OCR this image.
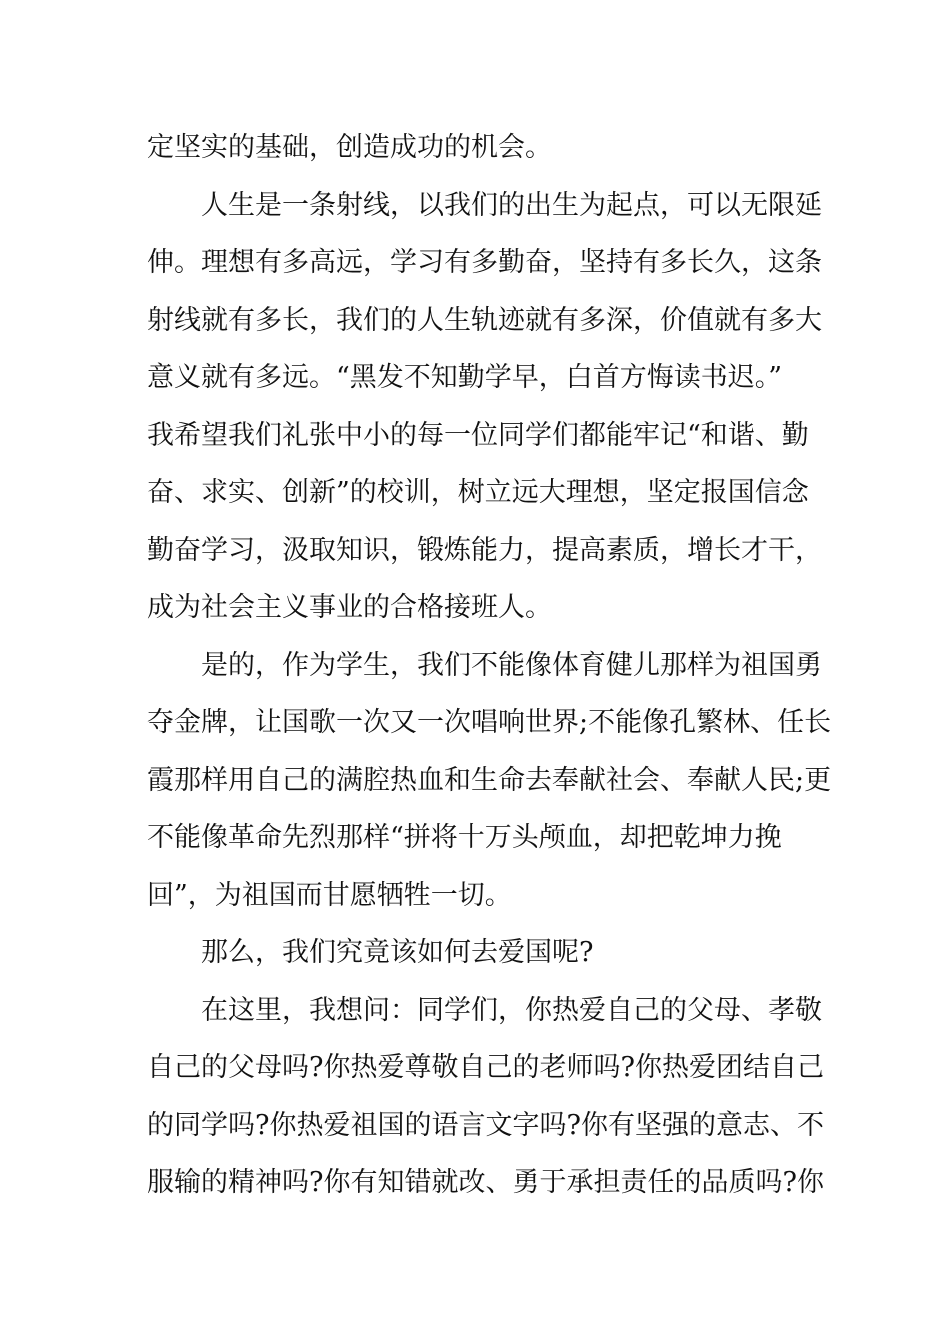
定坚实的基础，创造成功的机会。

人生是一条射线，以我们的出生为起点，可以无限延
伸。理想有多高远，学习有多勤奋，坚持有多长久，这条
射线就有多长，我们的人生轨迹就有多深，价值就有多大
意义就有多远。“黑发不知勤学早，白首方悔读书迟。”
我希望我们礼张中小的每一位同学们都能牢记“和谐、勤
奋、求实、创新”的校训，树立远大理想，坚定报国信念
勤奋学习，汲取知识，锻炼能力，提高素质，增长才干，
成为社会主义事业的合格接班人。

是的，作为学生，我们不能像体育健儿那样为祖国勇
夺金牌，让国歌一次又一次唱响世界;不能像孔繁林、任长
霞那样用自己的满腔热血和生命去奉献社会、奉献人民;更
不能像革命先烈那样“拼将十万头颅血，却把乾坤力挽
回”，为祖国而甘愿牺牲一切。

那么，我们究竟该如何去爱国呢?

在这里，我想问：同学们，你热爱自己的父母、孝敬
自己的父母吗?你热爱尊敬自己的老师吗?你热爱团结自己
的同学吗?你热爱祖国的语言文字吗?你有坚强的意志、不
服输的精神吗?你有知错就改、勇于承担责任的品质吗?你
